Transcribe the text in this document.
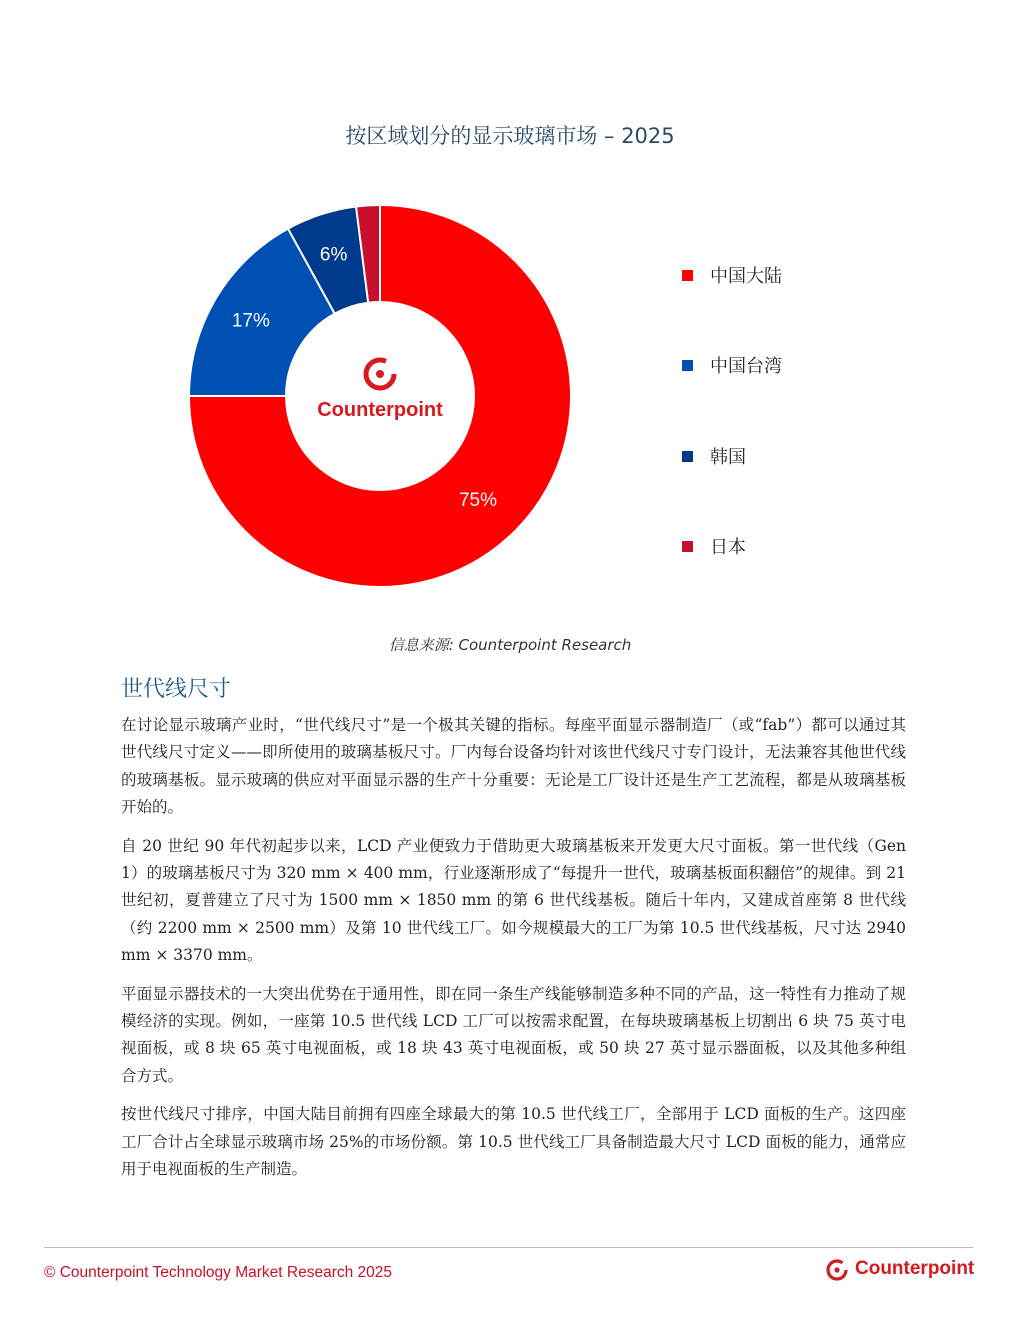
按区域划分的显示玻璃市场 – 2025
75%
17%
6%
Counterpoint
中国大陆
中国台湾
韩国
日本
信息来源: Counterpoint Research
世代线尺寸

在讨论显示玻璃产业时，“世代线尺寸”是一个极其关键的指标。每座平面显示器制造厂（或“fab”）都可以通过其世代线尺寸定义——即所使用的玻璃基板尺寸。厂内每台设备均针对该世代线尺寸专门设计，无法兼容其他世代线的玻璃基板。显示玻璃的供应对平面显示器的生产十分重要：无论是工厂设计还是生产工艺流程，都是从玻璃基板开始的。

自 20 世纪 90 年代初起步以来，LCD 产业便致力于借助更大玻璃基板来开发更大尺寸面板。第一世代线（Gen 1）的玻璃基板尺寸为 320 mm × 400 mm，行业逐渐形成了“每提升一世代，玻璃基板面积翻倍”的规律。到 21 世纪初，夏普建立了尺寸为 1500 mm × 1850 mm 的第 6 世代线基板。随后十年内，又建成首座第 8 世代线（约 2200 mm × 2500 mm）及第 10 世代线工厂。如今规模最大的工厂为第 10.5 世代线基板，尺寸达 2940 mm × 3370 mm。

平面显示器技术的一大突出优势在于通用性，即在同一条生产线能够制造多种不同的产品，这一特性有力推动了规模经济的实现。例如，一座第 10.5 世代线 LCD 工厂可以按需求配置，在每块玻璃基板上切割出 6 块 75 英寸电视面板，或 8 块 65 英寸电视面板，或 18 块 43 英寸电视面板，或 50 块 27 英寸显示器面板，以及其他多种组合方式。

按世代线尺寸排序，中国大陆目前拥有四座全球最大的第 10.5 世代线工厂，全部用于 LCD 面板的生产。这四座工厂合计占全球显示玻璃市场 25%的市场份额。第 10.5 世代线工厂具备制造最大尺寸 LCD 面板的能力，通常应用于电视面板的生产制造。

© Counterpoint Technology Market Research 2025	Counterpoint
